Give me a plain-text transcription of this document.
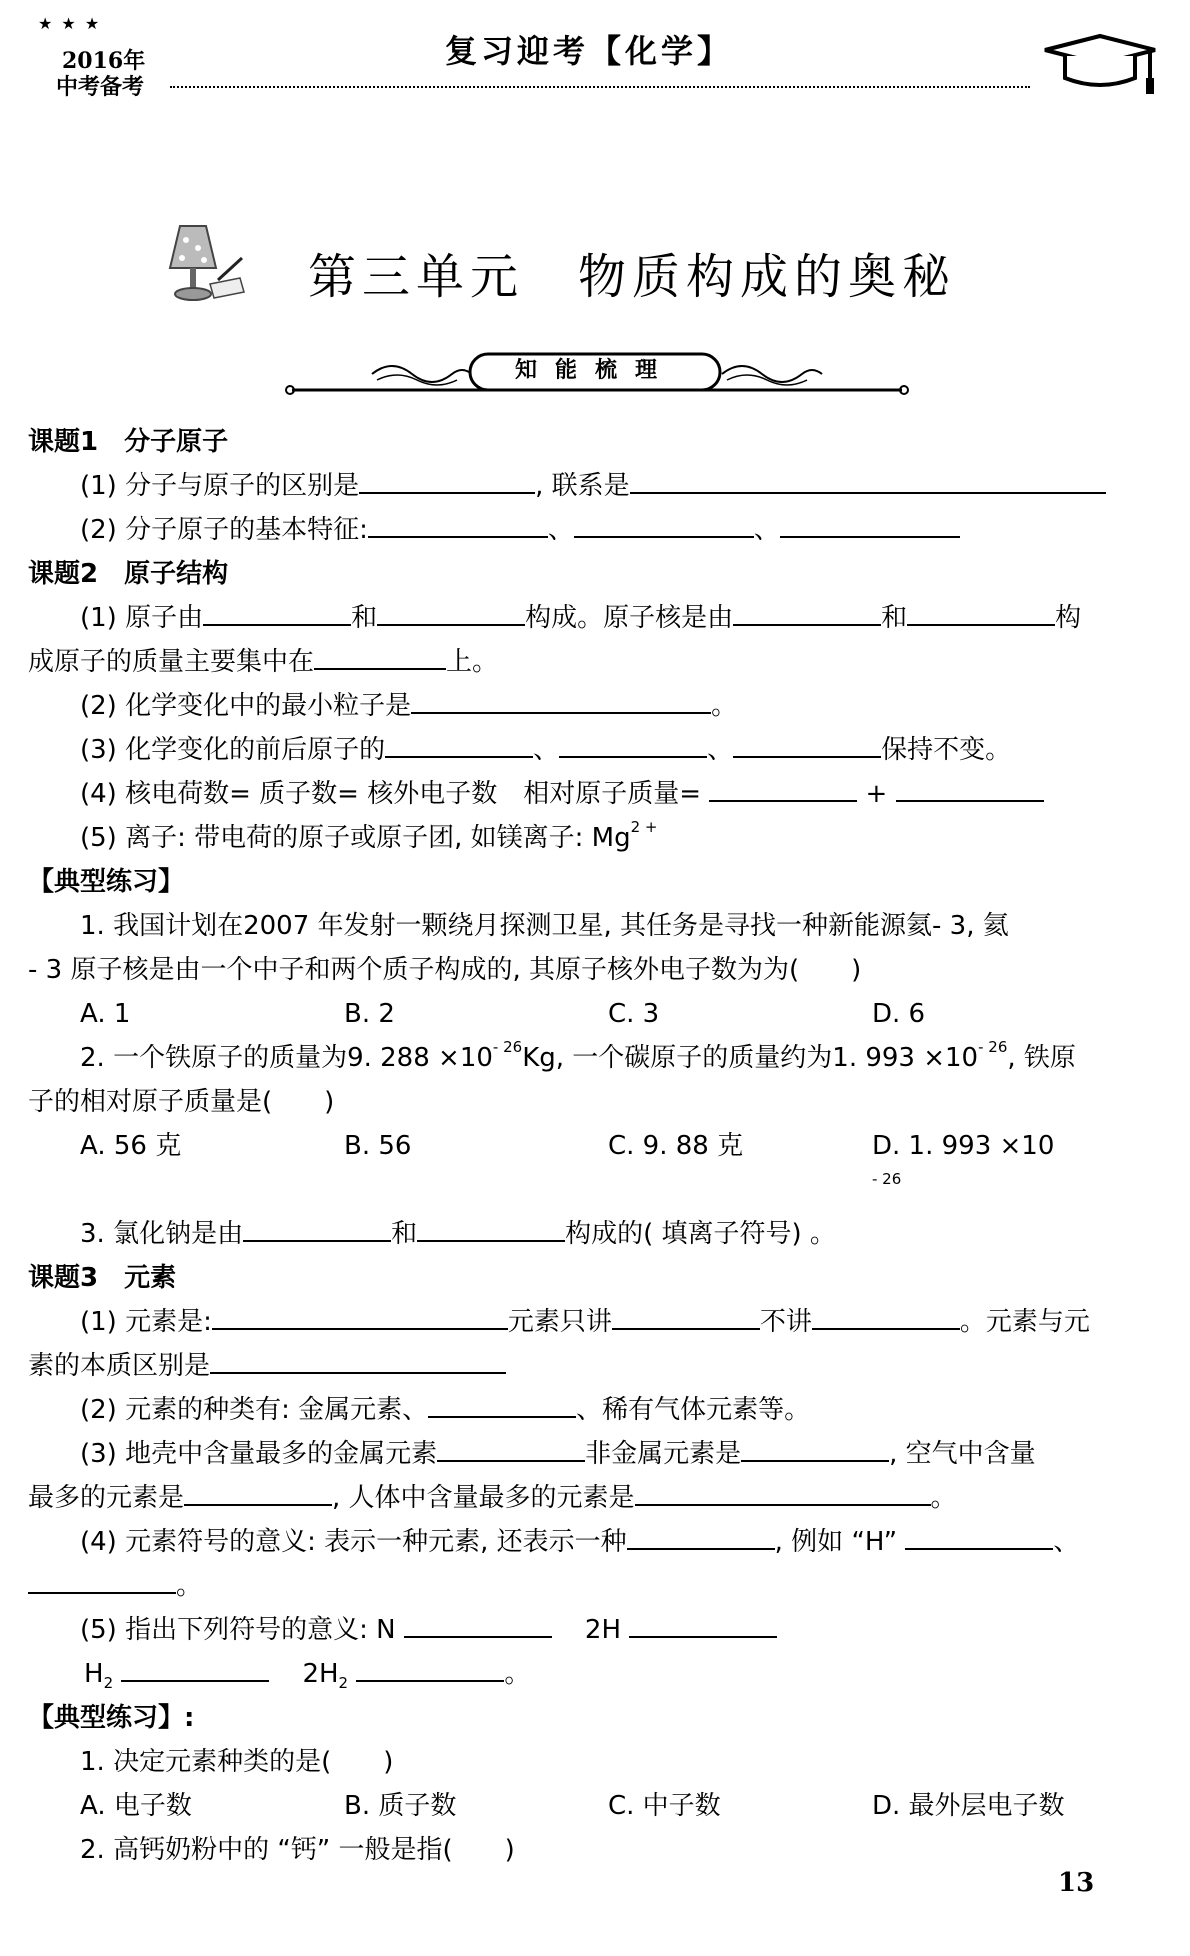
★ ★ ★
2016年
中考备考
复习迎考【化学】
第三单元　物质构成的奥秘
知能梳理

课题1　分子原子

(1) 分子与原子的区别是	, 联系是

(2) 分子原子的基本特征:	、	、

课题2　原子结构

(1) 原子由	和	构成。原子核是由	和	构

成原子的质量主要集中在	上。

(2) 化学变化中的最小粒子是	。

(3) 化学变化的前后原子的	、	、	保持不变。

(4) 核电荷数= 质子数= 核外电子数　相对原子质量=	+

(5) 离子: 带电荷的原子或原子团, 如镁离子: $Mg^{2 +}$

【典型练习】

1. 我国计划在2007 年发射一颗绕月探测卫星, 其任务是寻找一种新能源氦- 3, 氦

- 3 原子核是由一个中子和两个质子构成的, 其原子核外电子数为为(　　)

A. 1	B. 2	C. 3	D. 6

2. 一个铁原子的质量为9. $288 \times 10^{- 26}Kg$, 一个碳原子的质量约为1. $993 \times 10^{- 26}$, 铁原

子的相对原子质量是(　　)

A. 56 克	B. 56	C. 9. 88 克	D. 1. $993 \times 10^{- 26}$

3. 氯化钠是由	和	构成的( 填离子符号) 。

课题3　元素

(1) 元素是:	元素只讲	不讲	。元素与元

素的本质区别是

(2) 元素的种类有: 金属元素、	、稀有气体元素等。

(3) 地壳中含量最多的金属元素	非金属元素是	, 空气中含量

最多的元素是	, 人体中含量最多的元素是	。

(4) 元素符号的意义: 表示一种元素, 还表示一种	, 例如 “H”	、

。

(5) 指出下列符号的意义: N	2H

$H_2$	$2H_2$	。

【典型练习】:

1. 决定元素种类的是(　　)

A. 电子数	B. 质子数	C. 中子数	D. 最外层电子数

2. 高钙奶粉中的 “钙” 一般是指(　　)

13
